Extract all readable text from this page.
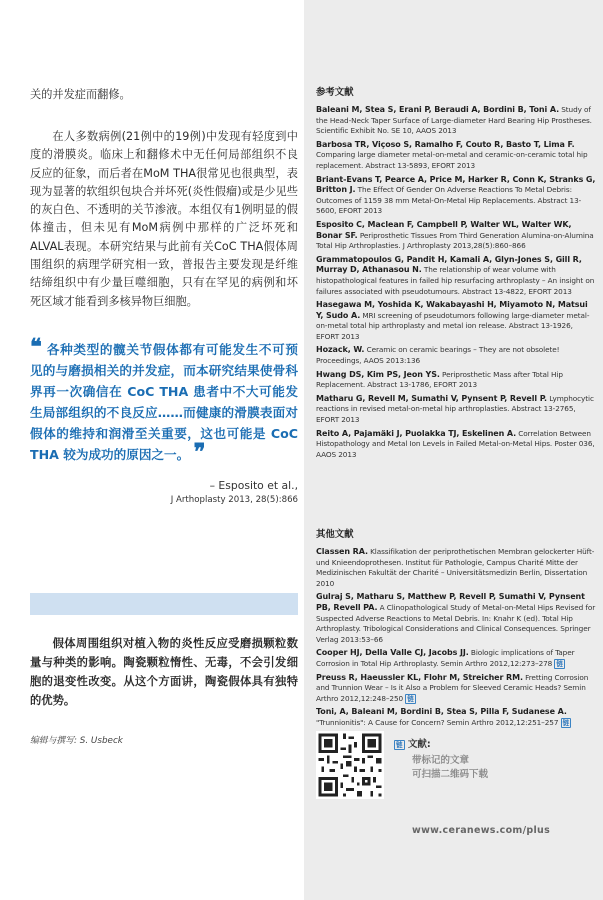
关的并发症而翻修。

在人多数病例(21例中的19例)中发现有轻度到中度的滑膜炎。临床上和翻修术中无任何局部组织不良反应的征象，而后者在MoM THA很常见也很典型，表现为显著的软组织包块合并坏死(炎性假瘤)或是少见些的灰白色、不透明的关节渗液。本组仅有1例明显的假体撞击，但未见有MoM病例中那样的广泛坏死和ALVAL表现。本研究结果与此前有关CoC THA假体周围组织的病理学研究相一致，普报告主要发现是纤维结缔组织中有少量巨噬细胞，只有在罕见的病例和坏死区域才能看到多核异物巨细胞。

❝ 各种类型的髋关节假体都有可能发生不可预见的与磨损相关的并发症，而本研究结果使骨科界再一次确信在 CoC THA 患者中不大可能发生局部组织的不良反应……而健康的滑膜表面对假体的维持和润滑至关重要，这也可能是 CoC THA 较为成功的原因之一。 ❞
– Esposito et al.,
J Arthoplasty 2013, 28(5):866

假体周围组织对植入物的炎性反应受磨损颗粒数量与种类的影响。陶瓷颗粒惰性、无毒，不会引发细胞的退变性改变。从这个方面讲，陶瓷假体具有独特的优势。

编辑与撰写: S. Usbeck
参考文献
Baleani M, Stea S, Erani P, Beraudi A, Bordini B, Toni A. Study of the Head-Neck Taper Surface of Large-diameter Hard Bearing Hip Prostheses. Scientific Exhibit No. SE 10, AAOS 2013
Barbosa TR, Viçoso S, Ramalho F, Couto R, Basto T, Lima F. Comparing large diameter metal-on-metal and ceramic-on-ceramic total hip replacement. Abstract 13-5893, EFORT 2013
Briant-Evans T, Pearce A, Price M, Harker R, Conn K, Stranks G, Britton J. The Effect Of Gender On Adverse Reactions To Metal Debris: Outcomes of 1159 38 mm Metal-On-Metal Hip Replacements. Abstract 13-5600, EFORT 2013
Esposito C, Maclean F, Campbell P, Walter WL, Walter WK, Bonar SF. Periprosthetic Tissues From Third Generation Alumina-on-Alumina Total Hip Arthroplasties. J Arthroplasty 2013,28(5):860–866
Grammatopoulos G, Pandit H, Kamali A, Glyn-Jones S, Gill R, Murray D, Athanasou N. The relationship of wear volume with histopathological features in failed hip resurfacing arthroplasty – An insight on failures associated with pseudotumours. Abstract 13-4822, EFORT 2013
Hasegawa M, Yoshida K, Wakabayashi H, Miyamoto N, Matsui Y, Sudo A. MRI screening of pseudotumors following large-diameter metal-on-metal total hip arthroplasty and metal ion release. Abstract 13-1926, EFORT 2013
Hozack, W. Ceramic on ceramic bearings – They are not obsolete! Proceedings, AAOS 2013:136
Hwang DS, Kim PS, Jeon YS. Periprosthetic Mass after Total Hip Replacement. Abstract 13-1786, EFORT 2013
Matharu G, Revell M, Sumathi V, Pynsent P, Revell P. Lymphocytic reactions in revised metal-on-metal hip arthroplasties. Abstract 13-2765, EFORT 2013
Reito A, Pajamäki J, Puolakka TJ, Eskelinen A. Correlation Between Histopathology and Metal Ion Levels in Failed Metal-on-Metal Hips. Poster 036, AAOS 2013
其他文献
Classen RA. Klassifikation der periprothetischen Membran gelockerter Hüft- und Knieendoprothesen. Institut für Pathologie, Campus Charité Mitte der Medizinischen Fakultät der Charité – Universitätsmedizin Berlin, Dissertation 2010
Gulraj S, Matharu S, Matthew P, Revell P, Sumathi V, Pynsent PB, Revell PA. A Clinopathological Study of Metal-on-Metal Hips Revised for Suspected Adverse Reactions to Metal Debris. In: Knahr K (ed). Total Hip Arthroplasty. Tribological Considerations and Clinical Consequences. Springer Verlag 2013:53–66
Cooper HJ, Della Valle CJ, Jacobs JJ. Biologic implications of Taper Corrosion in Total Hip Arthroplasty. Semin Arthro 2012,12:273–278 链
Preuss R, Haeussler KL, Flohr M, Streicher RM. Fretting Corrosion and Trunnion Wear – Is it Also a Problem for Sleeved Ceramic Heads? Semin Arthro 2012,12:248–250 链
Toni, A, Baleani M, Bordini B, Stea S, Pilla F, Sudanese A. "Trunnionitis": A Cause for Concern? Semin Arthro 2012,12:251–257 链
链 文献:
带标记的文章
可扫描二维码下载
www.ceranews.com/plus
